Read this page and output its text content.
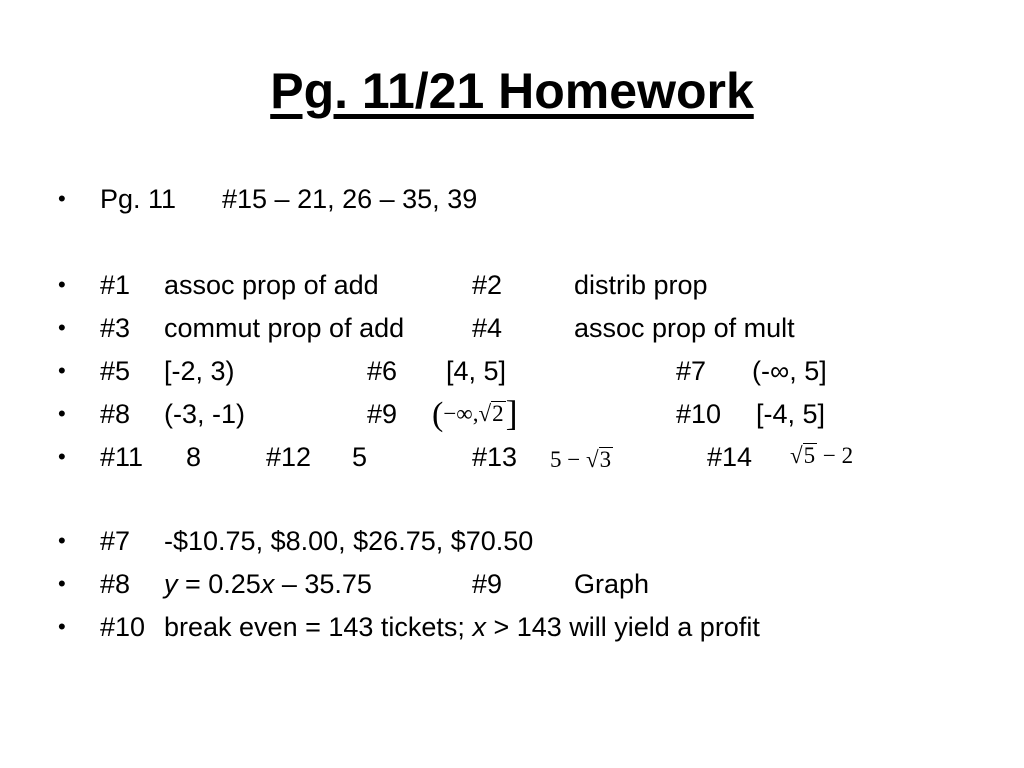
Pg. 11/21 Homework
• Pg. 11 #15 – 21, 26 – 35, 39
• #1 assoc prop of add	#2	distrib prop
• #3 commut prop of add	#4	assoc prop of mult
• #5 [-2, 3)	#6 [4, 5]	#7 (-∞, 5]
• #8 (-3, -1)	#9 (−∞,√2]	#10 [-4, 5]
• #11 8 #12 5	#13 5 − √3	#14 √5 − 2
• #7 -$10.75, $8.00, $26.75, $70.50
• #8 y = 0.25x – 35.75	#9	Graph
• #10 break even = 143 tickets; x > 143 will yield a profit
